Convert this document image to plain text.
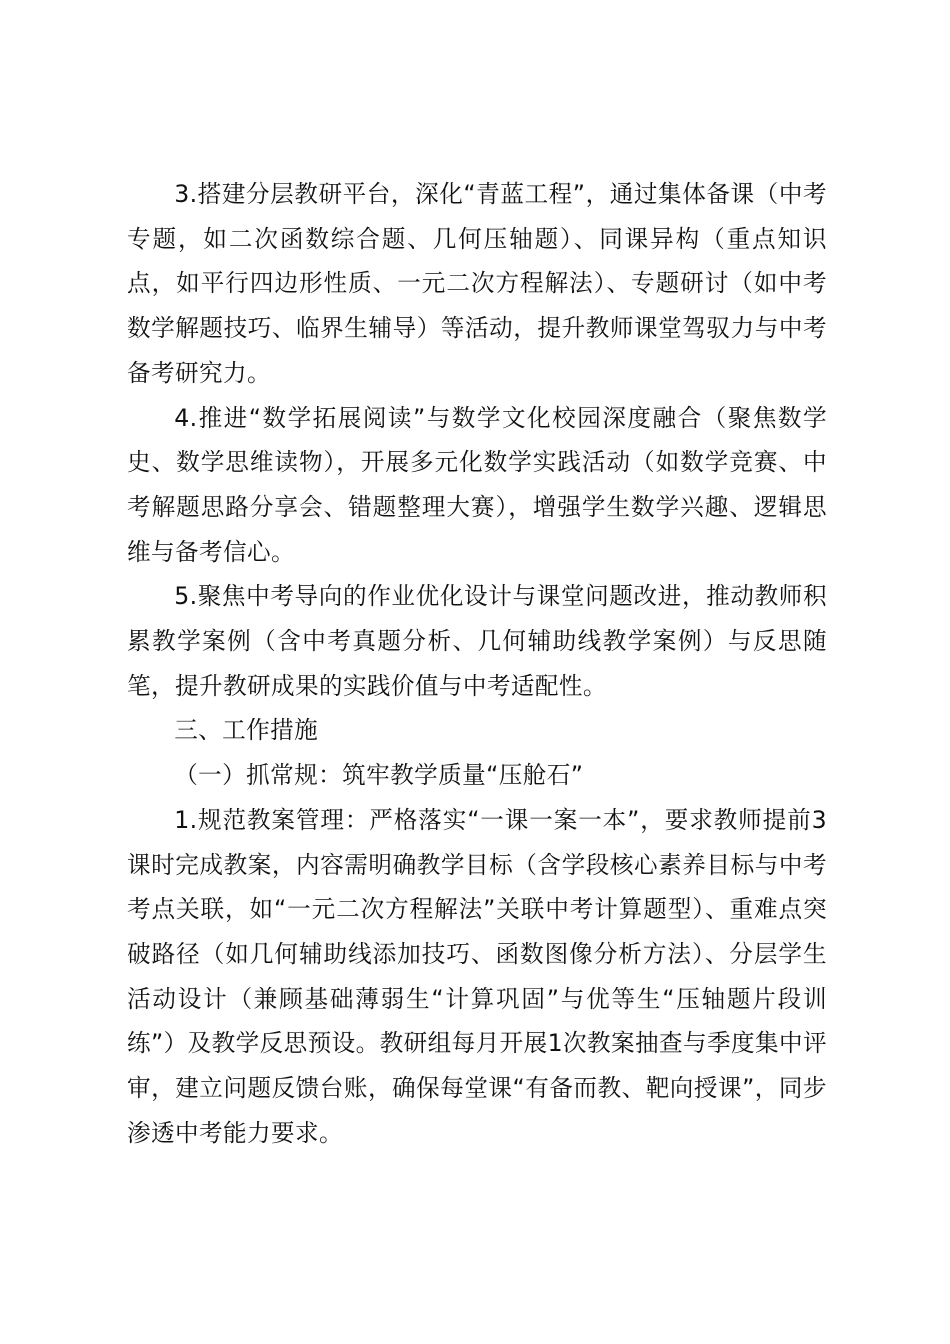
3.搭建分层教研平台，深化“青蓝工程”，通过集体备课（中考专题，如二次函数综合题、几何压轴题）、同课异构（重点知识点，如平行四边形性质、一元二次方程解法）、专题研讨（如中考数学解题技巧、临界生辅导）等活动，提升教师课堂驾驭力与中考备考研究力。

4.推进“数学拓展阅读”与数学文化校园深度融合（聚焦数学史、数学思维读物），开展多元化数学实践活动（如数学竞赛、中考解题思路分享会、错题整理大赛），增强学生数学兴趣、逻辑思维与备考信心。

5.聚焦中考导向的作业优化设计与课堂问题改进，推动教师积累教学案例（含中考真题分析、几何辅助线教学案例）与反思随笔，提升教研成果的实践价值与中考适配性。

三、工作措施

（一）抓常规：筑牢教学质量“压舱石”

1.规范教案管理：严格落实“一课一案一本”，要求教师提前3课时完成教案，内容需明确教学目标（含学段核心素养目标与中考考点关联，如“一元二次方程解法”关联中考计算题型）、重难点突破路径（如几何辅助线添加技巧、函数图像分析方法）、分层学生活动设计（兼顾基础薄弱生“计算巩固”与优等生“压轴题片段训练”）及教学反思预设。教研组每月开展1次教案抽查与季度集中评审，建立问题反馈台账，确保每堂课“有备而教、靶向授课”，同步渗透中考能力要求。
